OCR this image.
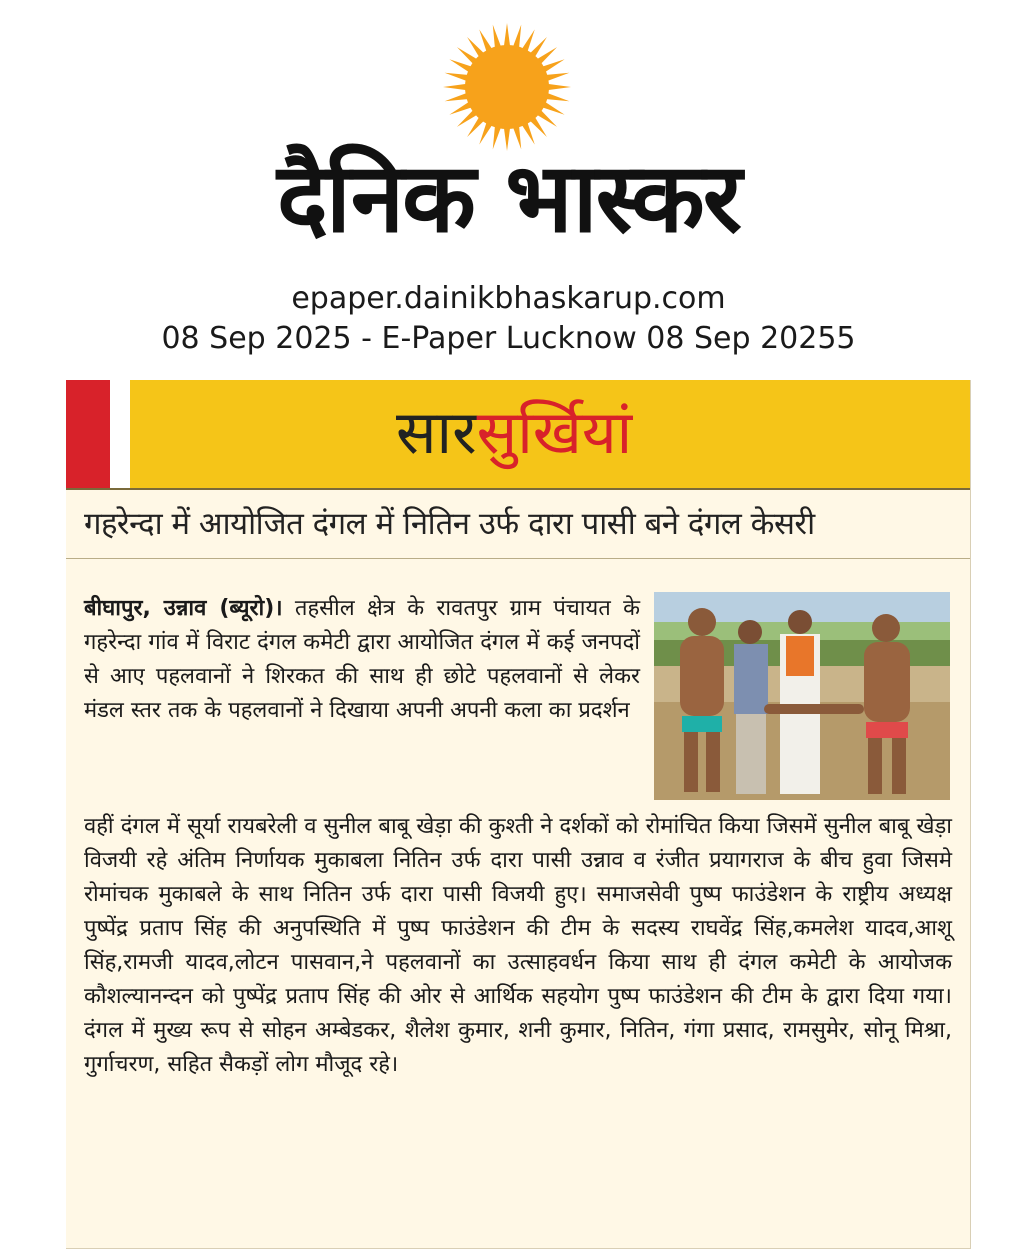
दैनिक भास्कर
epaper.dainikbhaskarup.com
08 Sep 2025 - E-Paper Lucknow 08 Sep 20255
सारसुर्खियां
गहरेन्दा में आयोजित दंगल में नितिन उर्फ दारा पासी बने दंगल केसरी

बीघापुर, उन्नाव (ब्यूरो)। तहसील क्षेत्र के रावतपुर ग्राम पंचायत के गहरेन्दा गांव में विराट दंगल कमेटी द्वारा आयोजित दंगल में कई जनपदों से आए पहलवानों ने शिरकत की साथ ही छोटे पहलवानों से लेकर मंडल स्तर तक के पहलवानों ने दिखाया अपनी अपनी कला का प्रदर्शन

वहीं दंगल में सूर्या रायबरेली व सुनील बाबू खेड़ा की कुश्ती ने दर्शकों को रोमांचित किया जिसमें सुनील बाबू खेड़ा विजयी रहे अंतिम निर्णायक मुकाबला नितिन उर्फ दारा पासी उन्नाव व रंजीत प्रयागराज के बीच हुवा जिसमे रोमांचक मुकाबले के साथ नितिन उर्फ दारा पासी विजयी हुए। समाजसेवी पुष्प फाउंडेशन के राष्ट्रीय अध्यक्ष पुष्पेंद्र प्रताप सिंह की अनुपस्थिति में पुष्प फाउंडेशन की टीम के सदस्य राघवेंद्र सिंह,कमलेश यादव,आशू सिंह,रामजी यादव,लोटन पासवान,ने पहलवानों का उत्साहवर्धन किया साथ ही दंगल कमेटी के आयोजक कौशल्यानन्दन को पुष्पेंद्र प्रताप सिंह की ओर से आर्थिक सहयोग पुष्प फाउंडेशन की टीम के द्वारा दिया गया। दंगल में मुख्य रूप से सोहन अम्बेडकर, शैलेश कुमार, शनी कुमार, नितिन, गंगा प्रसाद, रामसुमेर, सोनू मिश्रा, गुर्गाचरण, सहित सैकड़ों लोग मौजूद रहे।
